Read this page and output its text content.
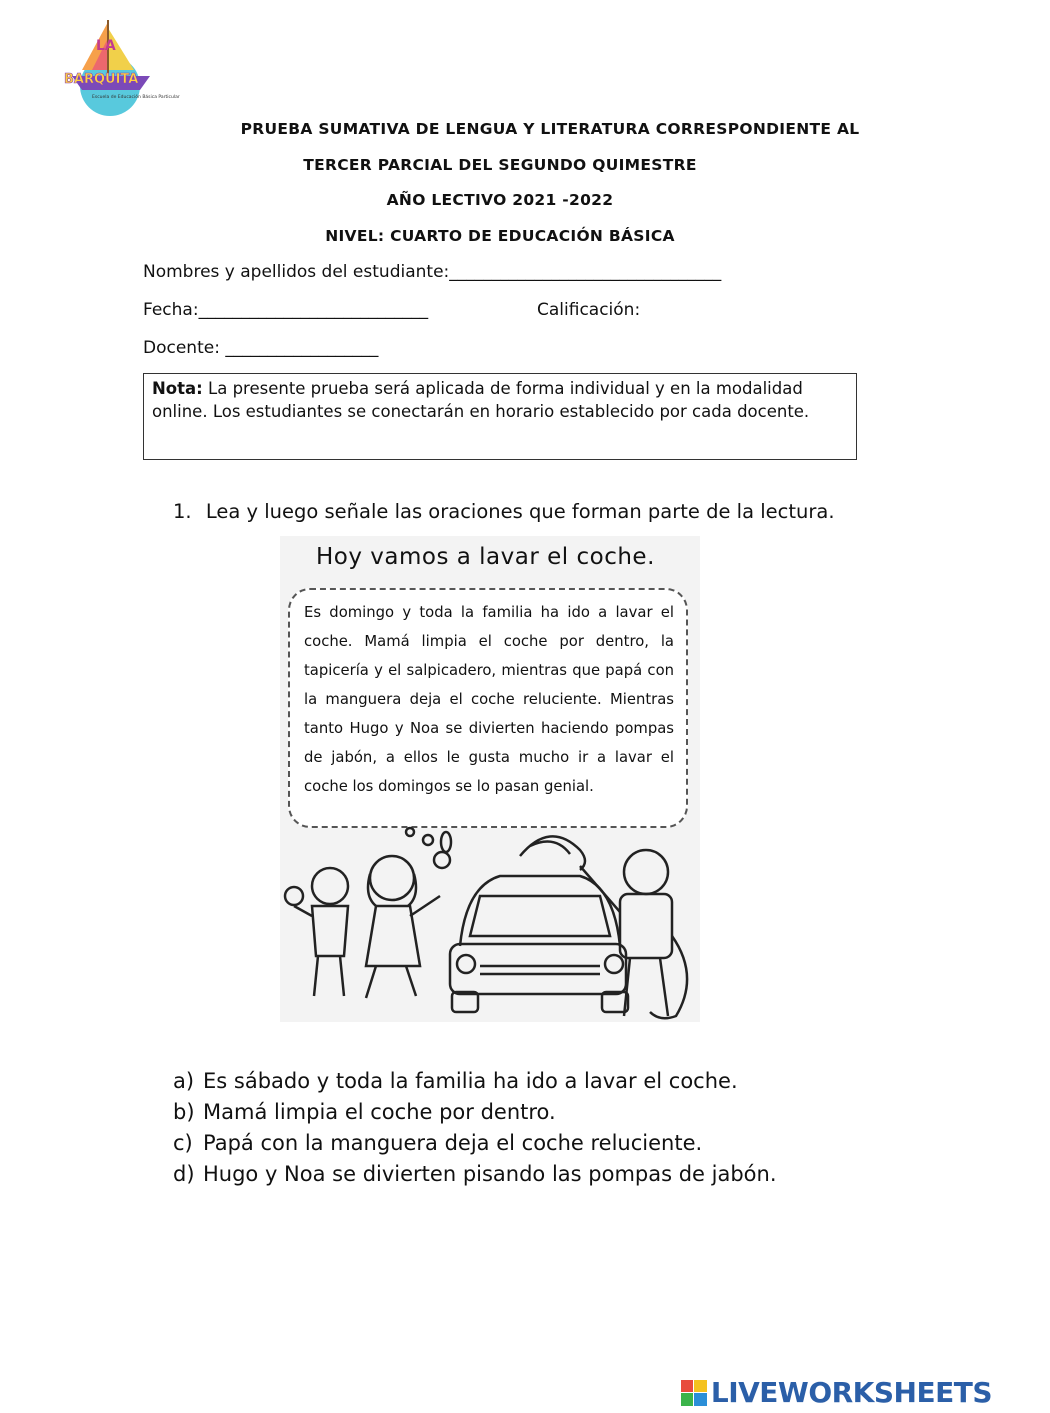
LA
BARQUITA
Escuela de Educación Básica Particular
PRUEBA SUMATIVA DE LENGUA Y LITERATURA CORRESPONDIENTE AL
TERCER PARCIAL DEL SEGUNDO QUIMESTRE
AÑO LECTIVO 2021 -2022
NIVEL: CUARTO DE EDUCACIÓN BÁSICA
Nombres y apellidos del estudiante:________________________________
Fecha:___________________________	Calificación:
Docente: __________________
Nota: La presente prueba será aplicada de forma individual y en la modalidad online. Los estudiantes se conectarán en horario establecido por cada docente.
1. Lea y luego señale las oraciones que forman parte de la lectura.
Hoy vamos a lavar el coche.
Es domingo y toda la familia ha ido a lavar el coche. Mamá limpia el coche por dentro, la tapicería y el salpicadero, mientras que papá con la manguera deja el coche reluciente. Mientras tanto Hugo y Noa se divierten haciendo pompas de jabón, a ellos le gusta mucho ir a lavar el coche los domingos se lo pasan genial.
a) Es sábado y toda la familia ha ido a lavar el coche.
b) Mamá limpia el coche por dentro.
c) Papá con la manguera deja el coche reluciente.
d) Hugo y Noa se divierten pisando las pompas de jabón.
LIVEWORKSHEETS
